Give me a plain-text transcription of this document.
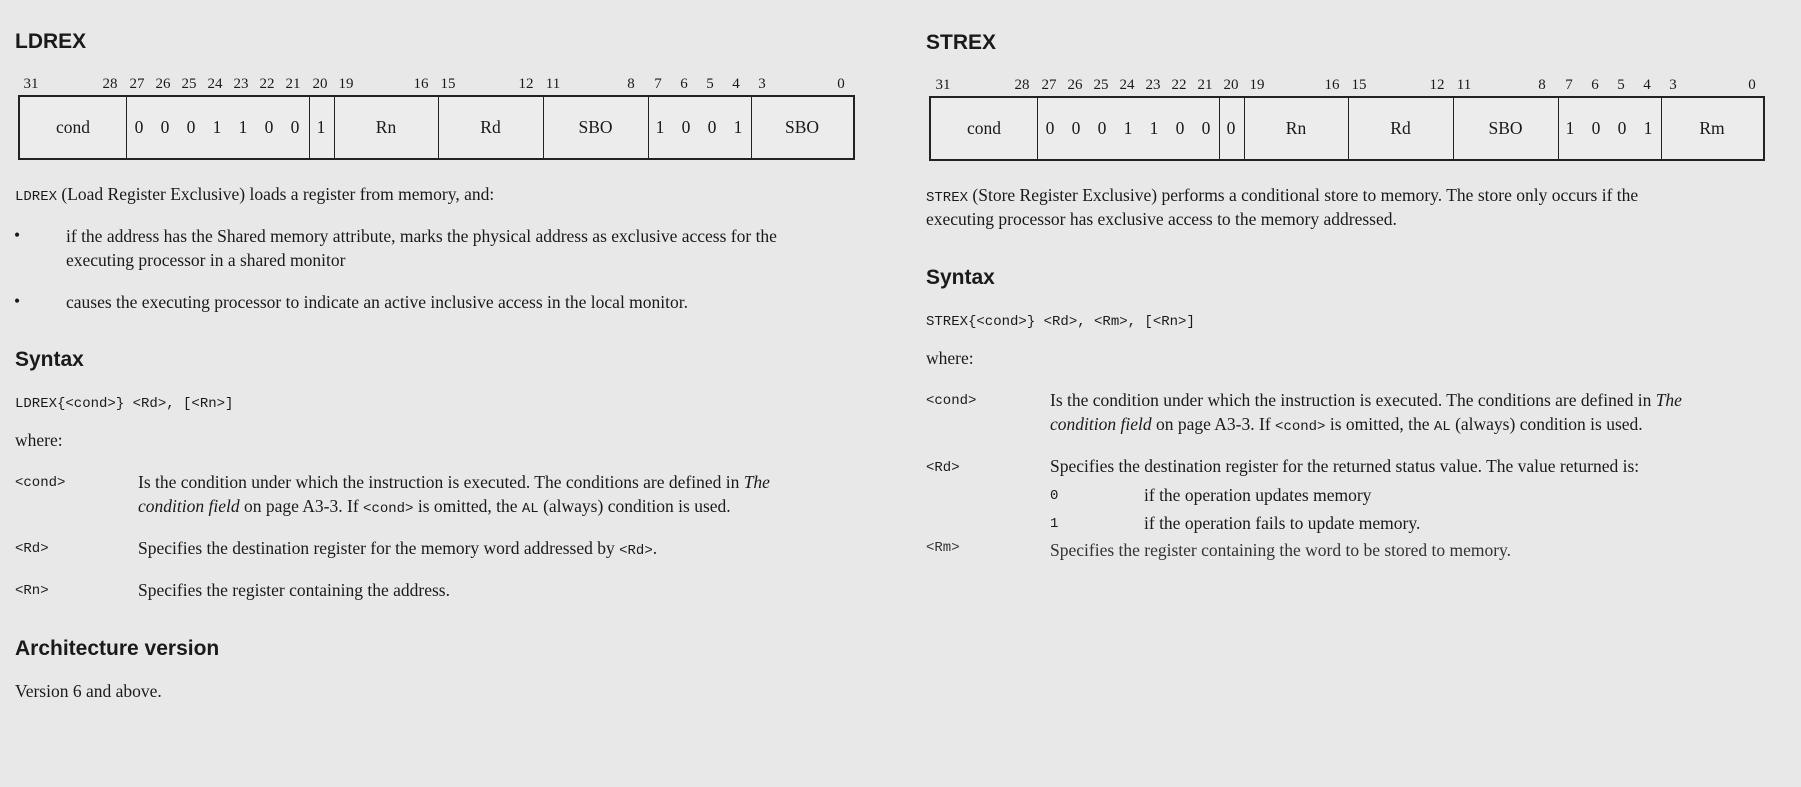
LDREX
31	28 27 26 25 24 23 22 21 20 19	16 15	12 11	8 7 6 5 4 3	0
cond	0 0 0 1 1 0 0 1	Rn	Rd	SBO	1 0 0 1	SBO

LDREX (Load Register Exclusive) loads a register from memory, and:

•	if the address has the Shared memory attribute, marks the physical address as exclusive access for the

executing processor in a shared monitor

•	causes the executing processor to indicate an active inclusive access in the local monitor.

Syntax

LDREX{<cond>} <Rd>, [<Rn>]

where:

<cond>	Is the condition under which the instruction is executed. The conditions are defined in The

condition field on page A3-3. If <cond> is omitted, the AL (always) condition is used.

<Rd>	Specifies the destination register for the memory word addressed by <Rd>.

<Rn>	Specifies the register containing the address.

Architecture version

Version 6 and above.

STREX
31	28 27 26 25 24 23 22 21 20 19	16 15	12 11	8 7 6 5 4 3	0
cond	0 0 0 1 1 0 0 0	Rn	Rd	SBO	1 0 0 1	Rm

STREX (Store Register Exclusive) performs a conditional store to memory. The store only occurs if the

executing processor has exclusive access to the memory addressed.

Syntax

STREX{<cond>} <Rd>, <Rm>, [<Rn>]

where:

<cond>	Is the condition under which the instruction is executed. The conditions are defined in The

condition field on page A3-3. If <cond> is omitted, the AL (always) condition is used.

<Rd>	Specifies the destination register for the returned status value. The value returned is:

0	if the operation updates memory

1	if the operation fails to update memory.

<Rm>	Specifies the register containing the word to be stored to memory.
